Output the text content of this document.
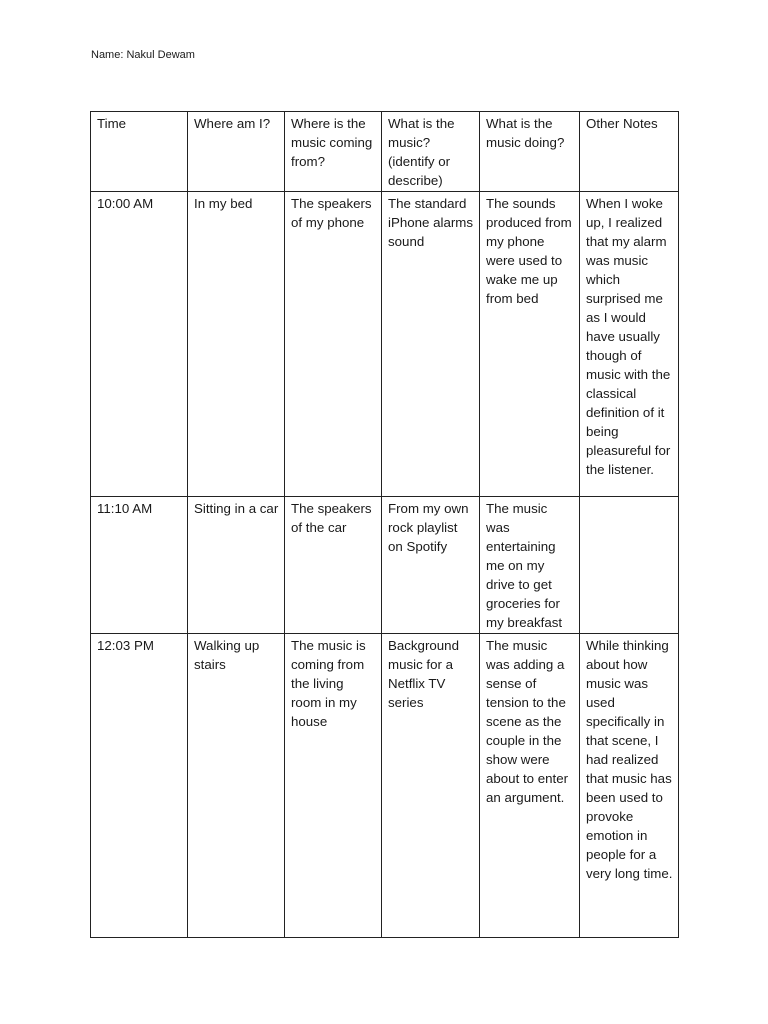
Name: Nakul Dewam
Time	Where am I?	Where is the music coming from?	What is the music? (identify or describe)	What is the music doing?	Other Notes
10:00 AM	In my bed	The speakers of my phone	The standard iPhone alarms sound	The sounds produced from my phone were used to wake me up from bed	When I woke up, I realized that my alarm was music which surprised me as I would have usually though of music with the classical definition of it being pleasureful for the listener.
11:10 AM	Sitting in a car	The speakers of the car	From my own rock playlist on Spotify	The music was entertaining me on my drive to get groceries for my breakfast	
12:03 PM	Walking up stairs	The music is coming from the living room in my house	Background music for a Netflix TV series	The music was adding a sense of tension to the scene as the couple in the show were about to enter an argument.	While thinking about how music was used specifically in that scene, I had realized that music has been used to provoke emotion in people for a very long time.
